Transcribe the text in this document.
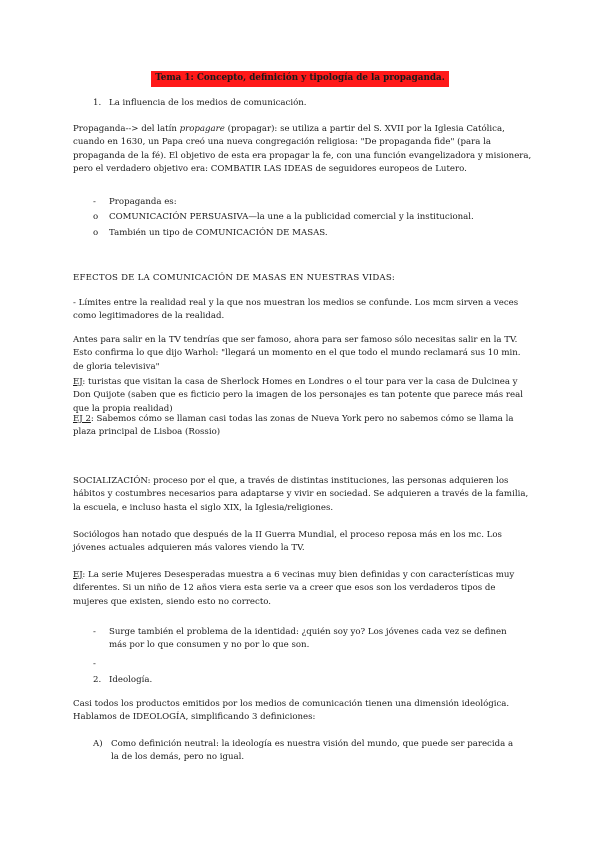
Tema 1: Concepto, definición y tipología de la propaganda.
1. La influencia de los medios de comunicación.

Propaganda--> del latín propagare (propagar): se utiliza a partir del S. XVII por la Iglesia Católica, cuando en 1630, un Papa creó una nueva congregación religiosa: "De propaganda fide" (para la propaganda de la fé). El objetivo de esta era propagar la fe, con una función evangelizadora y misionera, pero el verdadero objetivo era: COMBATIR LAS IDEAS de seguidores europeos de Lutero.

- Propaganda es:
o COMUNICACIÓN PERSUASIVA—la une a la publicidad comercial y la institucional.
o También un tipo de COMUNICACIÓN DE MASAS.

EFECTOS DE LA COMUNICACIÓN DE MASAS EN NUESTRAS VIDAS:

- Límites entre la realidad real y la que nos muestran los medios se confunde. Los mcm sirven a veces como legitimadores de la realidad.

Antes para salir en la TV tendrías que ser famoso, ahora para ser famoso sólo necesitas salir en la TV. Esto confirma lo que dijo Warhol: "llegará un momento en el que todo el mundo reclamará sus 10 min. de gloria televisiva"

EJ: turistas que visitan la casa de Sherlock Homes en Londres o el tour para ver la casa de Dulcinea y Don Quijote (saben que es ficticio pero la imagen de los personajes es tan potente que parece más real que la propia realidad)

EJ 2: Sabemos cómo se llaman casi todas las zonas de Nueva York pero no sabemos cómo se llama la plaza principal de Lisboa (Rossio)

SOCIALIZACIÓN: proceso por el que, a través de distintas instituciones, las personas adquieren los hábitos y costumbres necesarios para adaptarse y vivir en sociedad. Se adquieren a través de la familia, la escuela, e incluso hasta el siglo XIX, la Iglesia/religiones.

Sociólogos han notado que después de la II Guerra Mundial, el proceso reposa más en los mc. Los jóvenes actuales adquieren más valores viendo la TV.

EJ: La serie Mujeres Desesperadas muestra a 6 vecinas muy bien definidas y con características muy diferentes. Si un niño de 12 años viera esta serie va a creer que esos son los verdaderos tipos de mujeres que existen, siendo esto no correcto.

-	Surge también el problema de la identidad: ¿quién soy yo? Los jóvenes cada vez se definen más por lo que consumen y no por lo que son.
-
2. Ideología.

Casi todos los productos emitidos por los medios de comunicación tienen una dimensión ideológica. Hablamos de IDEOLOGÍA, simplificando 3 definiciones:

A) Como definición neutral: la ideología es nuestra visión del mundo, que puede ser parecida a la de los demás, pero no igual.
